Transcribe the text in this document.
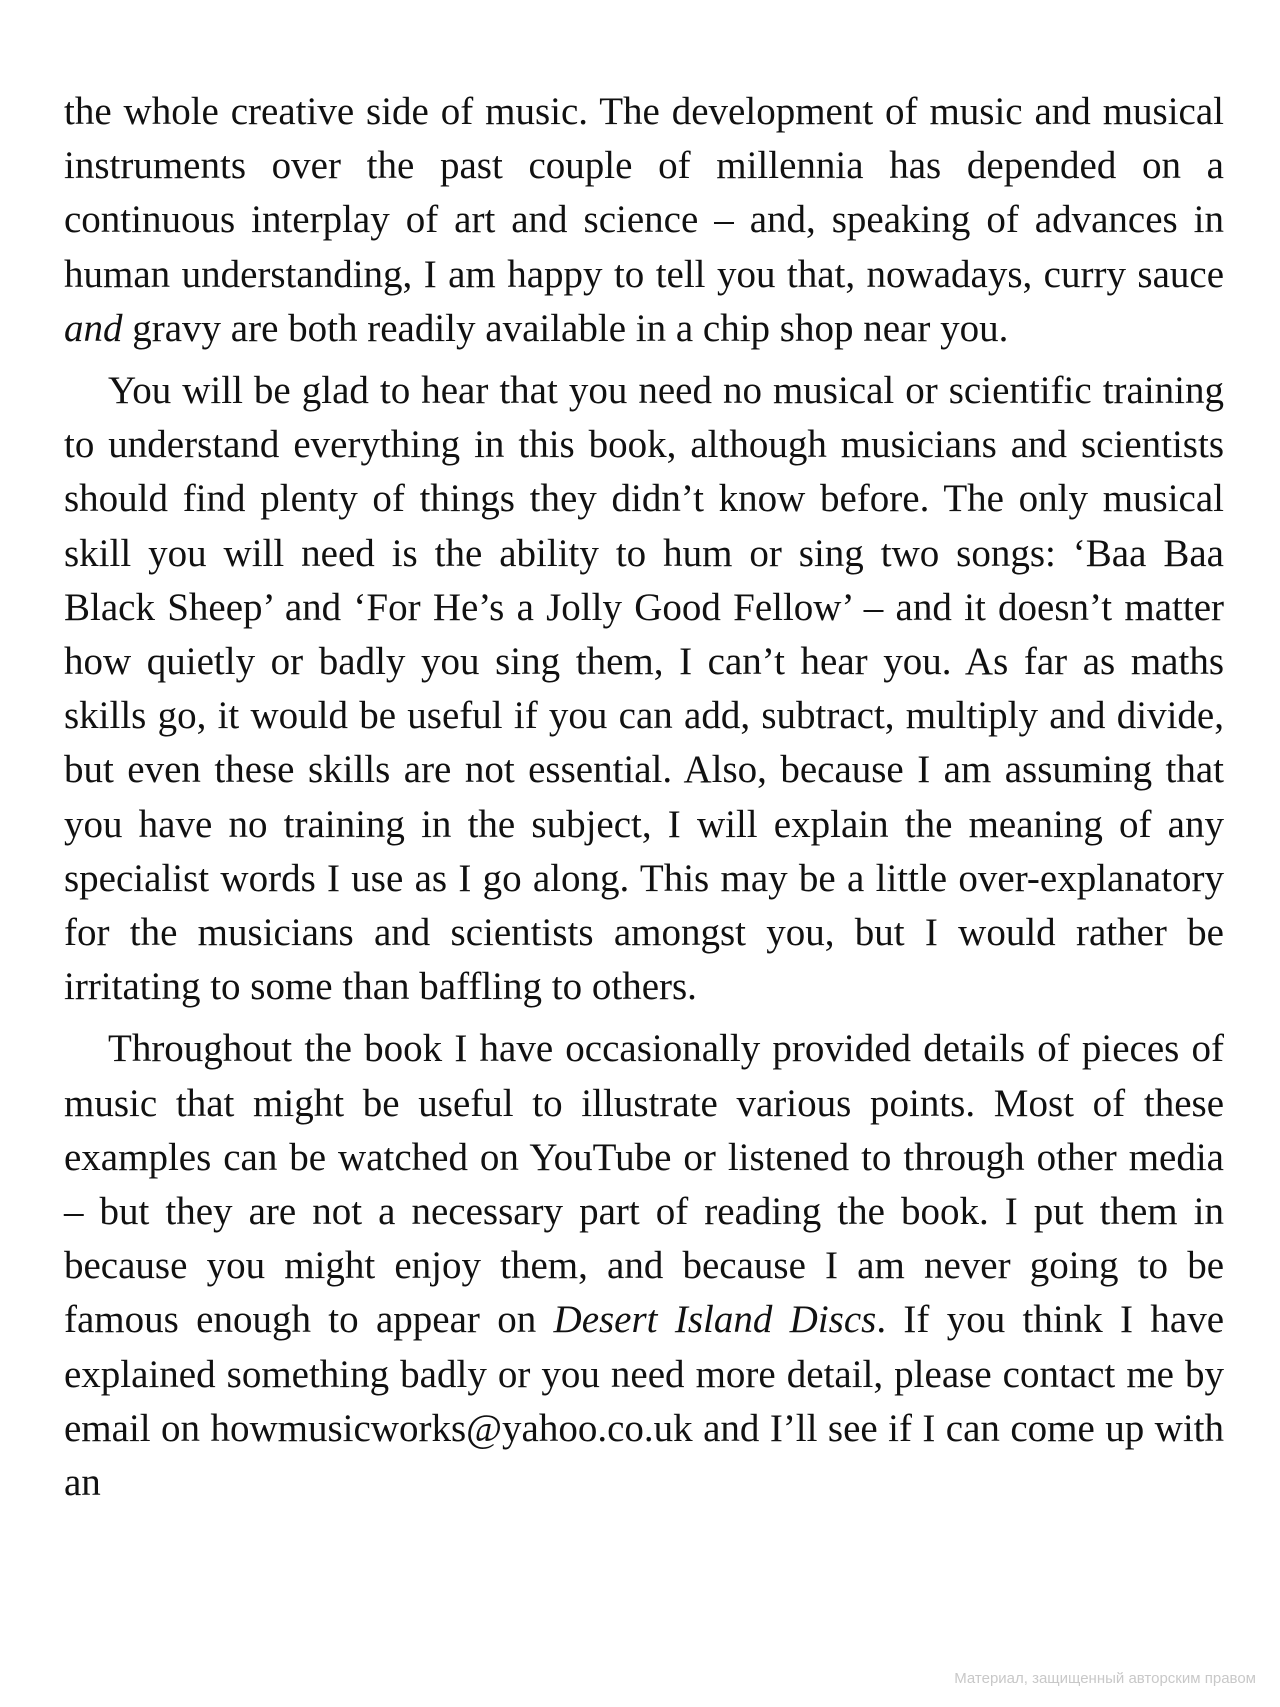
the whole creative side of music. The development of music and musical instruments over the past couple of millennia has depended on a continuous interplay of art and science – and, speaking of advances in human understanding, I am happy to tell you that, nowadays, curry sauce and gravy are both readily available in a chip shop near you.

You will be glad to hear that you need no musical or scientific training to understand everything in this book, although musicians and scientists should find plenty of things they didn’t know before. The only musical skill you will need is the ability to hum or sing two songs: ‘Baa Baa Black Sheep’ and ‘For He’s a Jolly Good Fellow’ – and it doesn’t matter how quietly or badly you sing them, I can’t hear you. As far as maths skills go, it would be useful if you can add, subtract, multiply and divide, but even these skills are not essential. Also, because I am assuming that you have no training in the subject, I will explain the meaning of any specialist words I use as I go along. This may be a little over-explanatory for the musicians and scientists amongst you, but I would rather be irritating to some than baffling to others.

Throughout the book I have occasionally provided details of pieces of music that might be useful to illustrate various points. Most of these examples can be watched on YouTube or listened to through other media – but they are not a necessary part of reading the book. I put them in because you might enjoy them, and because I am never going to be famous enough to appear on Desert Island Discs. If you think I have explained something badly or you need more detail, please contact me by email on howmusicworks@yahoo.co.uk and I’ll see if I can come up with an

Материал, защищенный авторским правом
